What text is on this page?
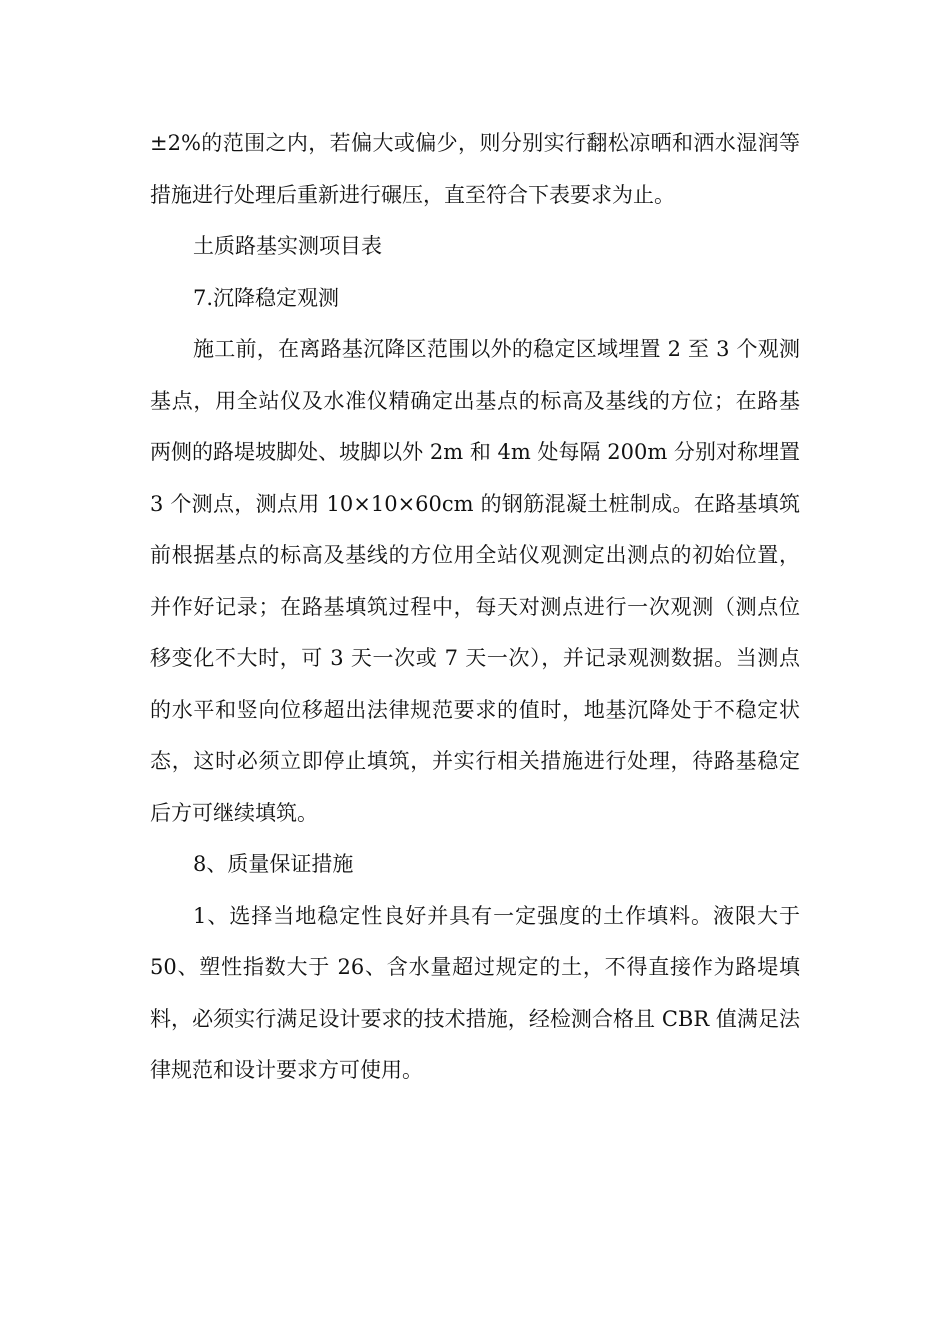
±2%的范围之内，若偏大或偏少，则分别实行翻松凉晒和洒水湿润等措施进行处理后重新进行碾压，直至符合下表要求为止。

土质路基实测项目表

7.沉降稳定观测

施工前，在离路基沉降区范围以外的稳定区域埋置 2 至 3 个观测基点，用全站仪及水准仪精确定出基点的标高及基线的方位；在路基两侧的路堤坡脚处、坡脚以外 2m 和 4m 处每隔 200m 分别对称埋置 3 个测点，测点用 10×10×60cm 的钢筋混凝土桩制成。在路基填筑前根据基点的标高及基线的方位用全站仪观测定出测点的初始位置，并作好记录；在路基填筑过程中，每天对测点进行一次观测（测点位移变化不大时，可 3 天一次或 7 天一次），并记录观测数据。当测点的水平和竖向位移超出法律规范要求的值时，地基沉降处于不稳定状态，这时必须立即停止填筑，并实行相关措施进行处理，待路基稳定后方可继续填筑。

8、质量保证措施

1、选择当地稳定性良好并具有一定强度的土作填料。液限大于 50、塑性指数大于 26、含水量超过规定的土，不得直接作为路堤填料，必须实行满足设计要求的技术措施，经检测合格且 CBR 值满足法律规范和设计要求方可使用。
